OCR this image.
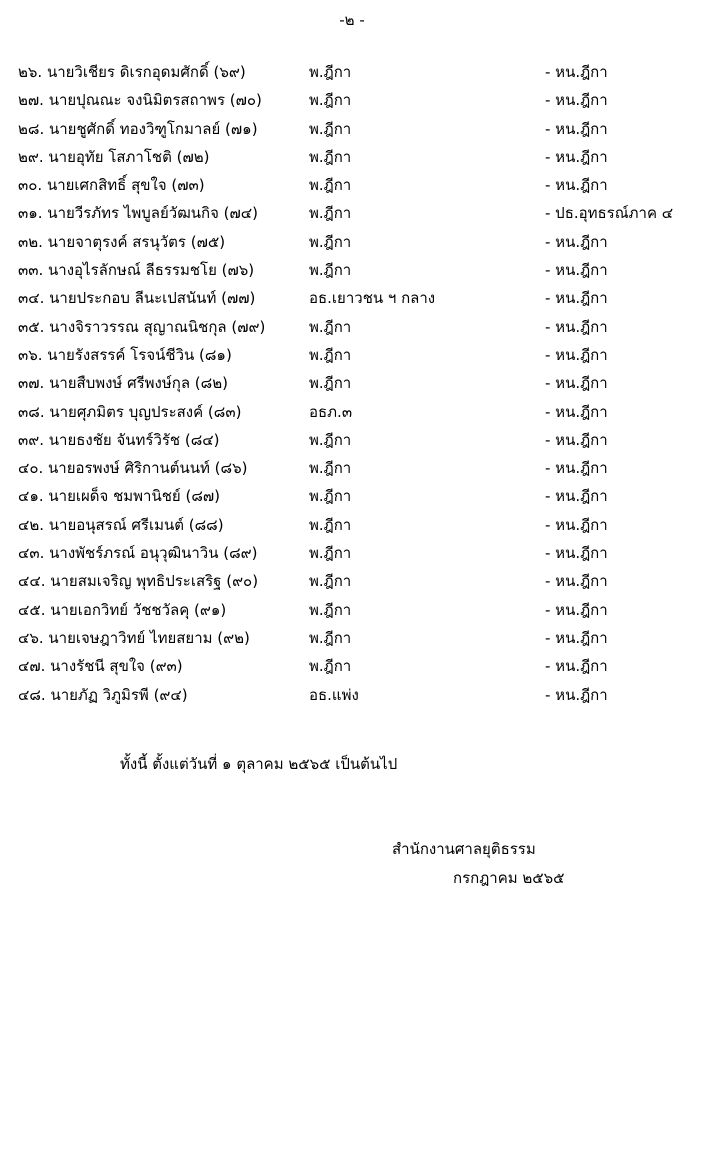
-๒ -
๒๖. นายวิเชียร ดิเรกอุดมศักดิ์ (๖๙)	พ.ฎีกา	- หน.ฎีกา
๒๗. นายปุณณะ จงนิมิตรสถาพร (๗๐)	พ.ฎีกา	- หน.ฎีกา
๒๘. นายชูศักดิ์ ทองวิฑูโกมาลย์ (๗๑)	พ.ฎีกา	- หน.ฎีกา
๒๙. นายอุทัย โสภาโชติ (๗๒)	พ.ฎีกา	- หน.ฎีกา
๓๐. นายเศกสิทธิ์ สุขใจ (๗๓)	พ.ฎีกา	- หน.ฎีกา
๓๑. นายวีรภัทร ไพบูลย์วัฒนกิจ (๗๔)	พ.ฎีกา	- ปธ.อุทธรณ์ภาค ๔
๓๒. นายจาตุรงค์ สรนุวัตร (๗๕)	พ.ฎีกา	- หน.ฎีกา
๓๓. นางอุไรลักษณ์ ลีธรรมชโย (๗๖)	พ.ฎีกา	- หน.ฎีกา
๓๔. นายประกอบ ลีนะเปสนันท์ (๗๗)	อธ.เยาวชน ฯ กลาง	- หน.ฎีกา
๓๕. นางจิราวรรณ สุญาณนิชกุล (๗๙)	พ.ฎีกา	- หน.ฎีกา
๓๖. นายรังสรรค์ โรจน์ชีวิน (๘๑)	พ.ฎีกา	- หน.ฎีกา
๓๗. นายสืบพงษ์ ศรีพงษ์กุล (๘๒)	พ.ฎีกา	- หน.ฎีกา
๓๘. นายศุภมิตร บุญประสงค์ (๘๓)	อธภ.๓	- หน.ฎีกา
๓๙. นายธงชัย จันทร์วิรัช (๘๔)	พ.ฎีกา	- หน.ฎีกา
๔๐. นายอรพงษ์ ศิริกานต์นนท์ (๘๖)	พ.ฎีกา	- หน.ฎีกา
๔๑. นายเผด็จ ชมพานิชย์ (๘๗)	พ.ฎีกา	- หน.ฎีกา
๔๒. นายอนุสรณ์ ศรีเมนต์ (๘๘)	พ.ฎีกา	- หน.ฎีกา
๔๓. นางพัชร์ภรณ์ อนุวุฒินาวิน (๘๙)	พ.ฎีกา	- หน.ฎีกา
๔๔. นายสมเจริญ พุทธิประเสริฐ (๙๐)	พ.ฎีกา	- หน.ฎีกา
๔๕. นายเอกวิทย์ วัชชวัลคุ (๙๑)	พ.ฎีกา	- หน.ฎีกา
๔๖. นายเจษฎาวิทย์ ไทยสยาม (๙๒)	พ.ฎีกา	- หน.ฎีกา
๔๗. นางรัชนี สุขใจ (๙๓)	พ.ฎีกา	- หน.ฎีกา
๔๘. นายภัฏ วิภูมิรพี (๙๔)	อธ.แพ่ง	- หน.ฎีกา
ทั้งนี้ ตั้งแต่วันที่ ๑ ตุลาคม ๒๕๖๕ เป็นต้นไป
สำนักงานศาลยุติธรรม
กรกฎาคม ๒๕๖๕
